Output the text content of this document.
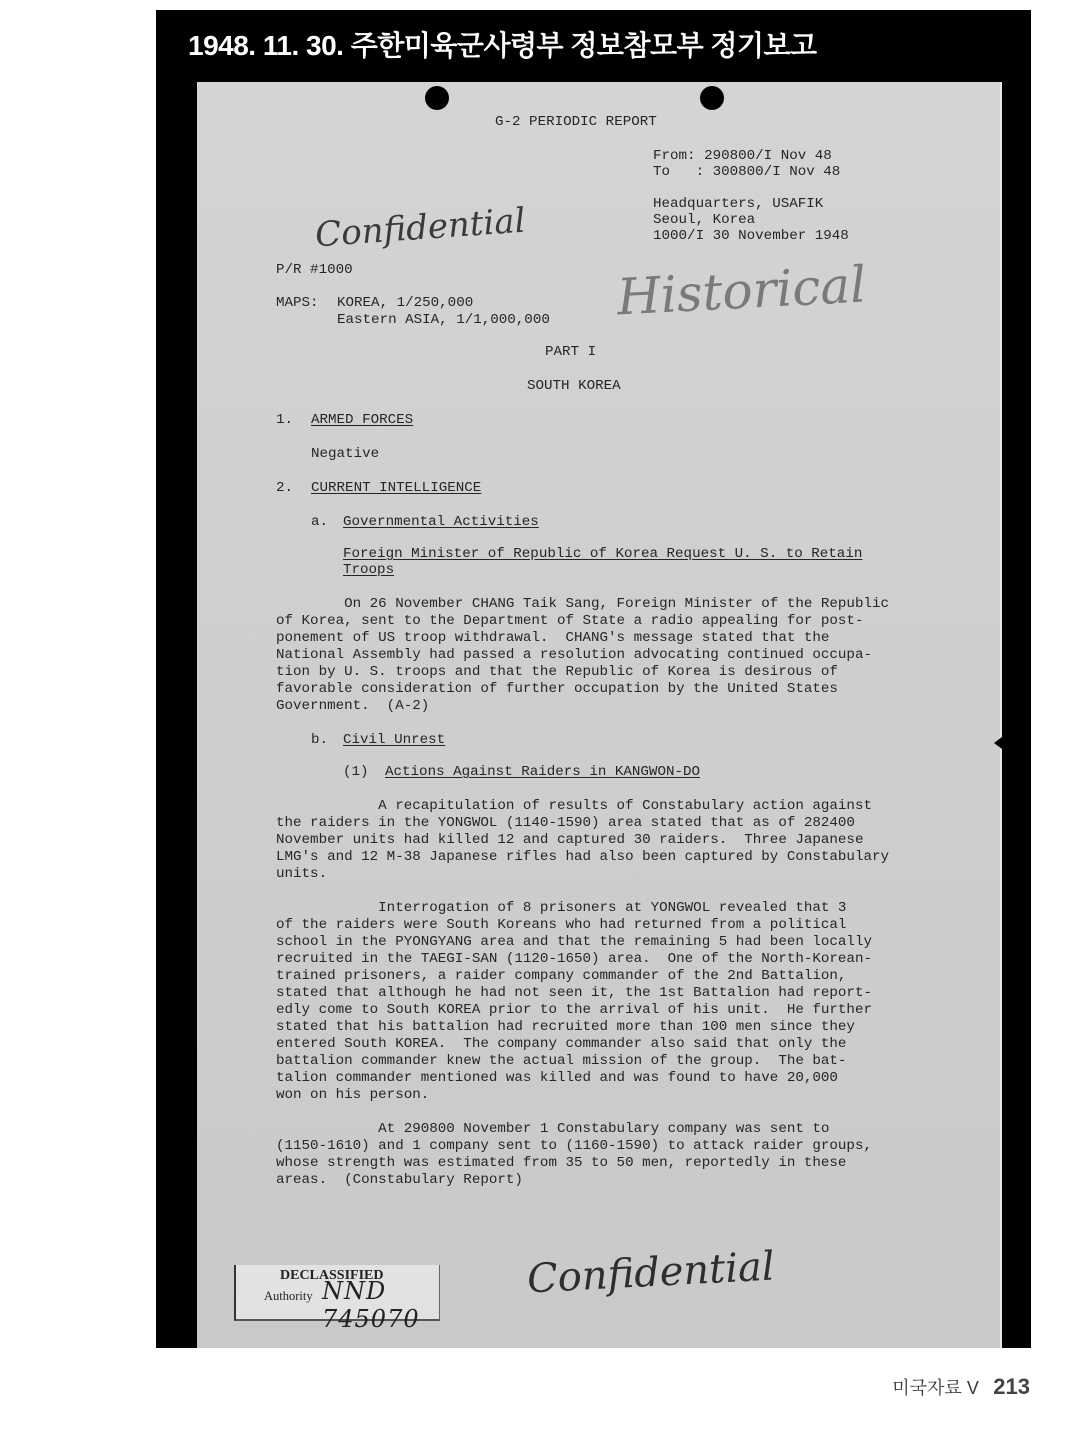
1948. 11. 30. 주한미육군사령부 정보참모부 정기보고
G-2 PERIODIC REPORT
From: 290800/I Nov 48
To   : 300800/I Nov 48
Headquarters, USAFIK
Seoul, Korea
1000/I 30 November 1948
Confidential
Historical
P/R #1000
MAPS: KOREA, 1/250,000
Eastern ASIA, 1/1,000,000
PART I
SOUTH KOREA
1. ARMED FORCES
Negative
2. CURRENT INTELLIGENCE
a. Governmental Activities
Foreign Minister of Republic of Korea Request U. S. to Retain
Troops
On 26 November CHANG Taik Sang, Foreign Minister of the Republic
of Korea, sent to the Department of State a radio appealing for post-
ponement of US troop withdrawal.  CHANG's message stated that the
National Assembly had passed a resolution advocating continued occupa-
tion by U. S. troops and that the Republic of Korea is desirous of
favorable consideration of further occupation by the United States
Government.  (A-2)
b. Civil Unrest
(1) Actions Against Raiders in KANGWON-DO
A recapitulation of results of Constabulary action against
the raiders in the YONGWOL (1140-1590) area stated that as of 282400
November units had killed 12 and captured 30 raiders.  Three Japanese
LMG's and 12 M-38 Japanese rifles had also been captured by Constabulary
units.
Interrogation of 8 prisoners at YONGWOL revealed that 3
of the raiders were South Koreans who had returned from a political
school in the PYONGYANG area and that the remaining 5 had been locally
recruited in the TAEGI-SAN (1120-1650) area.  One of the North-Korean-
trained prisoners, a raider company commander of the 2nd Battalion,
stated that although he had not seen it, the 1st Battalion had report-
edly come to South KOREA prior to the arrival of his unit.  He further
stated that his battalion had recruited more than 100 men since they
entered South KOREA.  The company commander also said that only the
battalion commander knew the actual mission of the group.  The bat-
talion commander mentioned was killed and was found to have 20,000
won on his person.
At 290800 November 1 Constabulary company was sent to
(1150-1610) and 1 company sent to (1160-1590) to attack raider groups,
whose strength was estimated from 35 to 50 men, reportedly in these
areas.  (Constabulary Report)
DECLASSIFIED
Authority NND 745070
Confidential
미국자료 V 213
